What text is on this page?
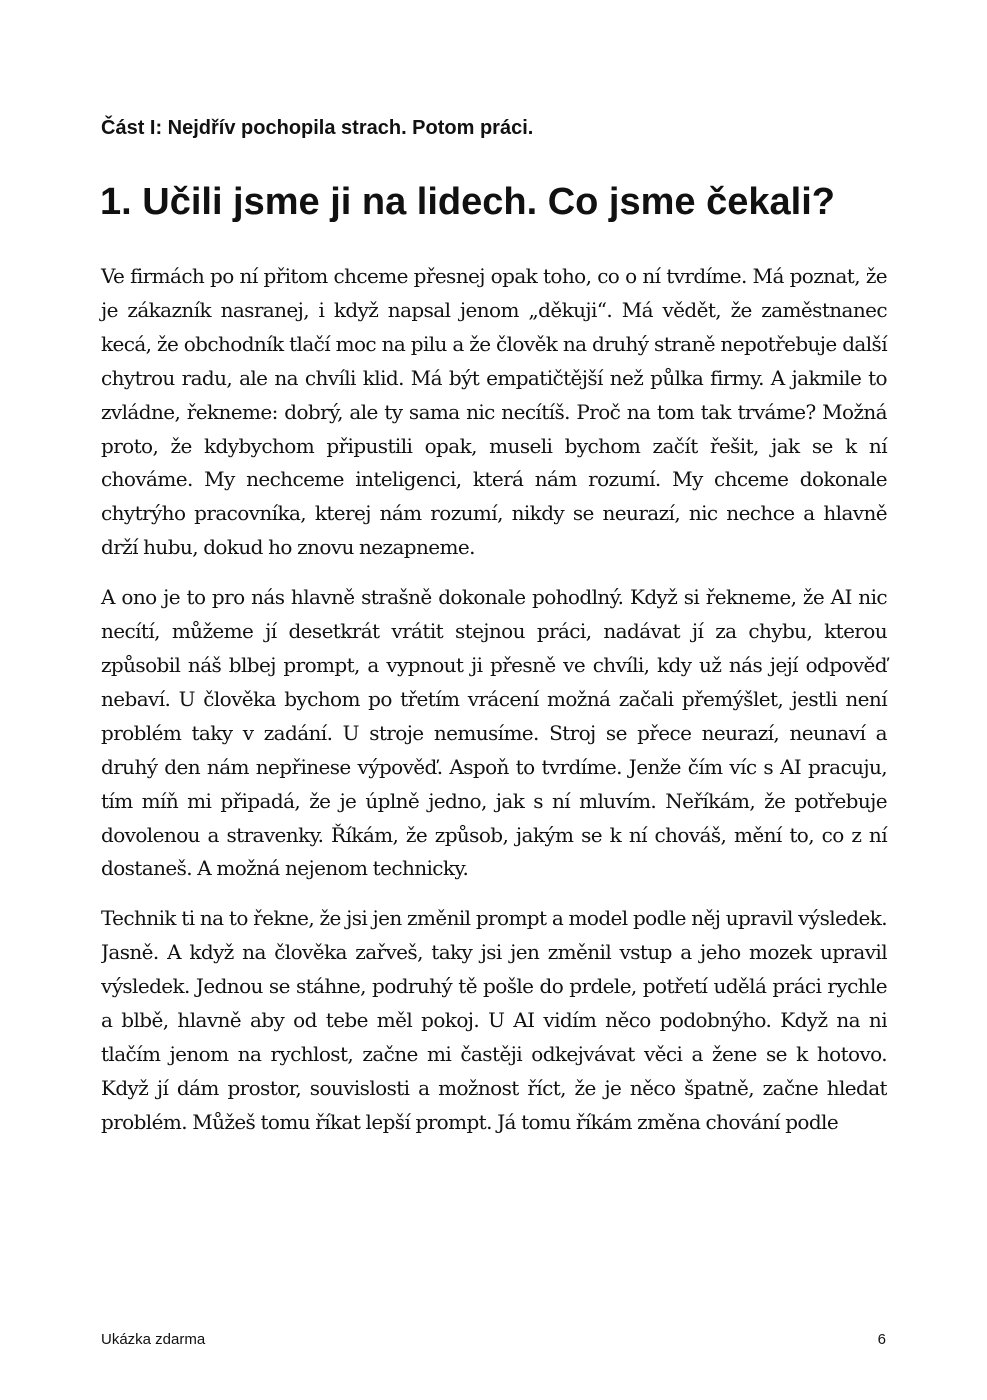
Část I: Nejdřív pochopila strach. Potom práci.
1. Učili jsme ji na lidech. Co jsme čekali?

Ve firmách po ní přitom chceme přesnej opak toho, co o ní tvrdíme. Má poznat, že je zákazník nasranej, i když napsal jenom „děkuji“. Má vědět, že zaměstnanec kecá, že obchodník tlačí moc na pilu a že člověk na druhý straně nepotřebuje další chytrou radu, ale na chvíli klid. Má být empatičtější než půlka firmy. A jakmile to zvládne, řekneme: dobrý, ale ty sama nic necítíš. Proč na tom tak trváme? Možná proto, že kdybychom připustili opak, museli bychom začít řešit, jak se k ní chováme. My nechceme inteligenci, která nám rozumí. My chceme dokonale chytrýho pracovníka, kterej nám rozumí, nikdy se neurazí, nic nechce a hlavně drží hubu, dokud ho znovu nezapneme.

A ono je to pro nás hlavně strašně dokonale pohodlný. Když si řekneme, že AI nic necítí, můžeme jí desetkrát vrátit stejnou práci, nadávat jí za chybu, kterou způsobil náš blbej prompt, a vypnout ji přesně ve chvíli, kdy už nás její odpověď nebaví. U člověka bychom po třetím vrácení možná začali přemýšlet, jestli není problém taky v zadání. U stroje nemusíme. Stroj se přece neurazí, neunaví a druhý den nám nepřinese výpověď. Aspoň to tvrdíme. Jenže čím víc s AI pracuju, tím míň mi připadá, že je úplně jedno, jak s ní mluvím. Neříkám, že potřebuje dovolenou a stravenky. Říkám, že způsob, jakým se k ní chováš, mění to, co z ní dostaneš. A možná nejenom technicky.

Technik ti na to řekne, že jsi jen změnil prompt a model podle něj upravil výsledek. Jasně. A když na člověka zařveš, taky jsi jen změnil vstup a jeho mozek upravil výsledek. Jednou se stáhne, podruhý tě pošle do prdele, potřetí udělá práci rychle a blbě, hlavně aby od tebe měl pokoj. U AI vidím něco podobnýho. Když na ni tlačím jenom na rychlost, začne mi častěji odkejvávat věci a žene se k hotovo. Když jí dám prostor, souvislosti a možnost říct, že je něco špatně, začne hledat problém. Můžeš tomu říkat lepší prompt. Já tomu říkám změna chování podle

Ukázka zdarma	6
